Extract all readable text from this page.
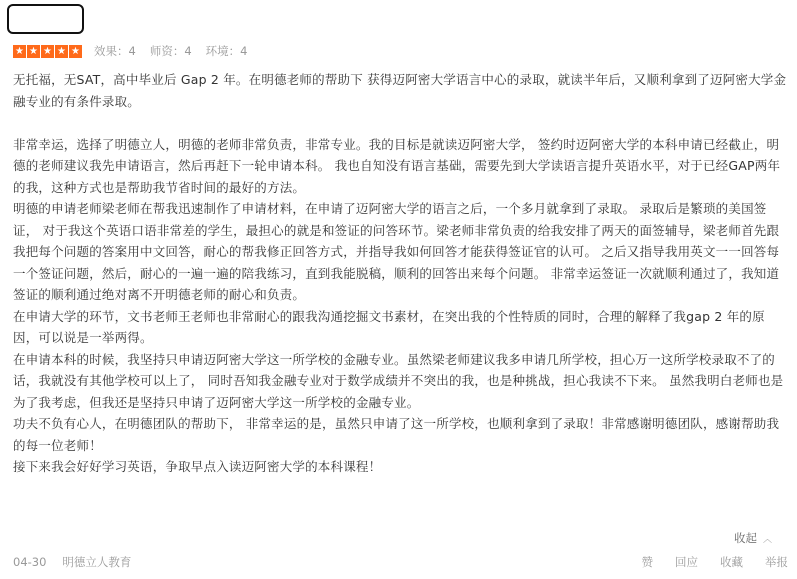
★ ★ ★ ★ ★ 效果：4 师资：4 环境：4

无托福，无SAT，高中毕业后 Gap 2 年。在明德老师的帮助下 获得迈阿密大学语言中心的录取，就读半年后，又顺利拿到了迈阿密大学金融专业的有条件录取。

非常幸运，选择了明德立人，明德的老师非常负责，非常专业。我的目标是就读迈阿密大学， 签约时迈阿密大学的本科申请已经截止，明德的老师建议我先申请语言，然后再赶下一轮申请本科。 我也自知没有语言基础，需要先到大学读语言提升英语水平，对于已经GAP两年的我，这种方式也是帮助我节省时间的最好的方法。

明德的申请老师梁老师在帮我迅速制作了申请材料，在申请了迈阿密大学的语言之后，一个多月就拿到了录取。 录取后是繁琐的美国签证， 对于我这个英语口语非常差的学生，最担心的就是和签证的问答环节。梁老师非常负责的给我安排了两天的面签辅导，梁老师首先跟我把每个问题的答案用中文回答，耐心的帮我修正回答方式，并指导我如何回答才能获得签证官的认可。 之后又指导我用英文一一回答每一个签证问题，然后，耐心的一遍一遍的陪我练习，直到我能脱稿，顺利的回答出来每个问题。 非常幸运签证一次就顺利通过了，我知道签证的顺利通过绝对离不开明德老师的耐心和负责。

在申请大学的环节，文书老师王老师也非常耐心的跟我沟通挖掘文书素材，在突出我的个性特质的同时，合理的解释了我gap 2 年的原因，可以说是一举两得。

在申请本科的时候，我坚持只申请迈阿密大学这一所学校的金融专业。虽然梁老师建议我多申请几所学校，担心万一这所学校录取不了的话，我就没有其他学校可以上了， 同时吾知我金融专业对于数学成绩并不突出的我，也是种挑战，担心我读不下来。 虽然我明白老师也是为了我考虑，但我还是坚持只申请了迈阿密大学这一所学校的金融专业。

功夫不负有心人，在明德团队的帮助下， 非常幸运的是，虽然只申请了这一所学校，也顺利拿到了录取！非常感谢明德团队，感谢帮助我的每一位老师！

接下来我会好好学习英语，争取早点入读迈阿密大学的本科课程！

收起 ︿
04-30 明德立人教育	赞 回应 收藏 举报
